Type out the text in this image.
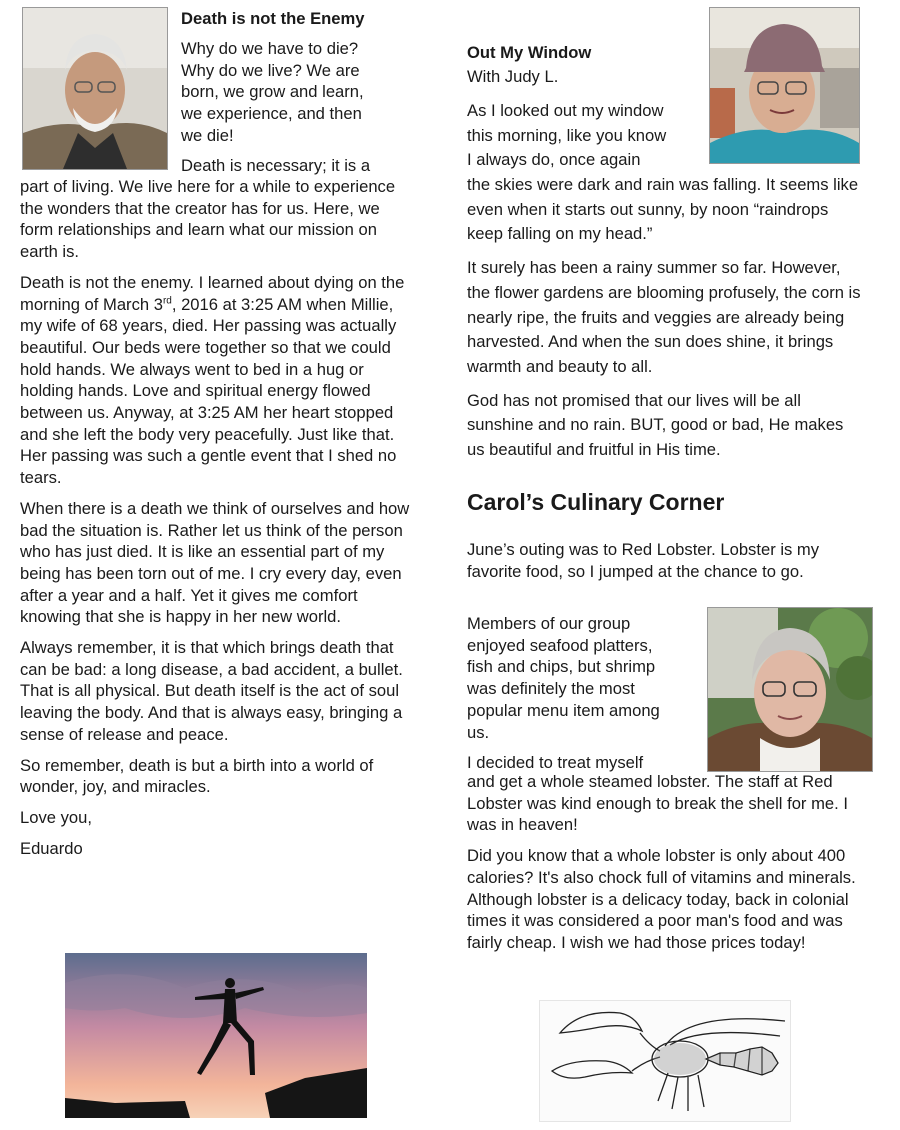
Death is not the Enemy

Why do we have to die?

Why do we live? We are

born, we grow and learn,

we experience, and then

we die!

Death is necessary; it is a

part of living. We live here for a while to experience the wonders that the creator has for us. Here, we form relationships and learn what our mission on earth is.

Death is not the enemy. I learned about dying on the morning of March 3rd, 2016 at 3:25 AM when Millie, my wife of 68 years, died. Her passing was actually beautiful. Our beds were together so that we could hold hands. We always went to bed in a hug or holding hands. Love and spiritual energy flowed between us. Anyway, at 3:25 AM her heart stopped and she left the body very peacefully. Just like that. Her passing was such a gentle event that I shed no tears.

When there is a death we think of ourselves and how bad the situation is. Rather let us think of the person who has just died. It is like an essential part of my being has been torn out of me. I cry every day, even after a year and a half. Yet it gives me comfort knowing that she is happy in her new world.

Always remember, it is that which brings death that can be bad: a long disease, a bad accident, a bullet. That is all physical. But death itself is the act of soul leaving the body. And that is always easy, bringing a sense of release and peace.

So remember, death is but a birth into a world of wonder, joy, and miracles.

Love you,

Eduardo

Out My Window

With Judy L.

As I looked out my window

this morning, like you know

I always do, once again

the skies were dark and rain was falling. It seems like even when it starts out sunny, by noon “raindrops keep falling on my head.”

It surely has been a rainy summer so far. However, the flower gardens are blooming profusely, the corn is nearly ripe, the fruits and veggies are already being harvested. And when the sun does shine, it brings warmth and beauty to all.

God has not promised that our lives will be all sunshine and no rain. BUT, good or bad, He makes us beautiful and fruitful in His time.

Carol’s Culinary Corner

June’s outing was to Red Lobster. Lobster is my favorite food, so I jumped at the chance to go.

Members of our group

enjoyed seafood platters,

fish and chips, but shrimp

was definitely the most

popular menu item among

us.

I decided to treat myself

and get a whole steamed lobster. The staff at Red Lobster was kind enough to break the shell for me. I was in heaven!

Did you know that a whole lobster is only about 400 calories? It's also chock full of vitamins and minerals. Although lobster is a delicacy today, back in colonial times it was considered a poor man's food and was fairly cheap. I wish we had those prices today!
